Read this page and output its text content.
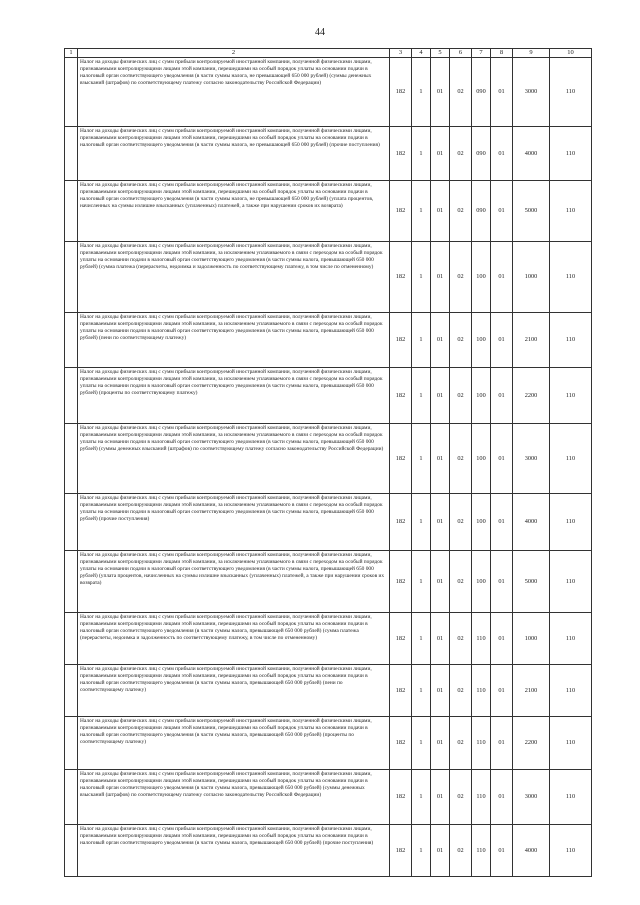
44
1	2	3	4	5	6	7	8	9	10
	Налог на доходы физических лиц с сумм прибыли контролируемой иностранной компании, полученной физическими лицами, признаваемыми контролирующими лицами этой компании, перешедшими на особый порядок уплаты на основании подачи в налоговый орган соответствующего уведомления (в части суммы налога, не превышающей 650 000 рублей) (суммы денежных взысканий (штрафов) по соответствующему платежу согласно законодательству Российской Федерации)	182	1	01	02	090	01	3000	110
	Налог на доходы физических лиц с сумм прибыли контролируемой иностранной компании, полученной физическими лицами, признаваемыми контролирующими лицами этой компании, перешедшими на особый порядок уплаты на основании подачи в налоговый орган соответствующего уведомления (в части суммы налога, не превышающей 650 000 рублей) (прочие поступления)	182	1	01	02	090	01	4000	110
	Налог на доходы физических лиц с сумм прибыли контролируемой иностранной компании, полученной физическими лицами, признаваемыми контролирующими лицами этой компании, перешедшими на особый порядок уплаты на основании подачи в налоговый орган соответствующего уведомления (в части суммы налога, не превышающей 650 000 рублей) (уплата процентов, начисленных на суммы излишне взысканных (уплаченных) платежей, а также при нарушении сроков их возврата)	182	1	01	02	090	01	5000	110
	Налог на доходы физических лиц с сумм прибыли контролируемой иностранной компании, полученной физическими лицами, признаваемыми контролирующими лицами этой компании, за исключением уплачиваемого в связи с переходом на особый порядок уплаты на основании подачи в налоговый орган соответствующего уведомления (в части суммы налога, превышающей 650 000 рублей) (сумма платежа (перерасчеты, недоимка и задолженность по соответствующему платежу, в том числе по отмененному)	182	1	01	02	100	01	1000	110
	Налог на доходы физических лиц с сумм прибыли контролируемой иностранной компании, полученной физическими лицами, признаваемыми контролирующими лицами этой компании, за исключением уплачиваемого в связи с переходом на особый порядок уплаты на основании подачи в налоговый орган соответствующего уведомления (в части суммы налога, превышающей 650 000 рублей) (пени по соответствующему платежу)	182	1	01	02	100	01	2100	110
	Налог на доходы физических лиц с сумм прибыли контролируемой иностранной компании, полученной физическими лицами, признаваемыми контролирующими лицами этой компании, за исключением уплачиваемого в связи с переходом на особый порядок уплаты на основании подачи в налоговый орган соответствующего уведомления (в части суммы налога, превышающей 650 000 рублей) (проценты по соответствующему платежу)	182	1	01	02	100	01	2200	110
	Налог на доходы физических лиц с сумм прибыли контролируемой иностранной компании, полученной физическими лицами, признаваемыми контролирующими лицами этой компании, за исключением уплачиваемого в связи с переходом на особый порядок уплаты на основании подачи в налоговый орган соответствующего уведомления (в части суммы налога, превышающей 650 000 рублей) (суммы денежных взысканий (штрафов) по соответствующему платежу согласно законодательству Российской Федерации)	182	1	01	02	100	01	3000	110
	Налог на доходы физических лиц с сумм прибыли контролируемой иностранной компании, полученной физическими лицами, признаваемыми контролирующими лицами этой компании, за исключением уплачиваемого в связи с переходом на особый порядок уплаты на основании подачи в налоговый орган соответствующего уведомления (в части суммы налога, превышающей 650 000 рублей) (прочие поступления)	182	1	01	02	100	01	4000	110
	Налог на доходы физических лиц с сумм прибыли контролируемой иностранной компании, полученной физическими лицами, признаваемыми контролирующими лицами этой компании, за исключением уплачиваемого в связи с переходом на особый порядок уплаты на основании подачи в налоговый орган соответствующего уведомления (в части суммы налога, превышающей 650 000 рублей) (уплата процентов, начисленных на суммы излишне взысканных (уплаченных) платежей, а также при нарушении сроков их возврата)	182	1	01	02	100	01	5000	110
	Налог на доходы физических лиц с сумм прибыли контролируемой иностранной компании, полученной физическими лицами, признаваемыми контролирующими лицами этой компании, перешедшими на особый порядок уплаты на основании подачи в налоговый орган соответствующего уведомления (в части суммы налога, превышающей 650 000 рублей) (сумма платежа (перерасчеты, недоимка и задолженность по соответствующему платежу, в том числе по отмененному)	182	1	01	02	110	01	1000	110
	Налог на доходы физических лиц с сумм прибыли контролируемой иностранной компании, полученной физическими лицами, признаваемыми контролирующими лицами этой компании, перешедшими на особый порядок уплаты на основании подачи в налоговый орган соответствующего уведомления (в части суммы налога, превышающей 650 000 рублей) (пени по соответствующему платежу)	182	1	01	02	110	01	2100	110
	Налог на доходы физических лиц с сумм прибыли контролируемой иностранной компании, полученной физическими лицами, признаваемыми контролирующими лицами этой компании, перешедшими на особый порядок уплаты на основании подачи в налоговый орган соответствующего уведомления (в части суммы налога, превышающей 650 000 рублей) (проценты по соответствующему платежу)	182	1	01	02	110	01	2200	110
	Налог на доходы физических лиц с сумм прибыли контролируемой иностранной компании, полученной физическими лицами, признаваемыми контролирующими лицами этой компании, перешедшими на особый порядок уплаты на основании подачи в налоговый орган соответствующего уведомления (в части суммы налога, превышающей 650 000 рублей) (суммы денежных взысканий (штрафов) по соответствующему платежу согласно законодательству Российской Федерации)	182	1	01	02	110	01	3000	110
	Налог на доходы физических лиц с сумм прибыли контролируемой иностранной компании, полученной физическими лицами, признаваемыми контролирующими лицами этой компании, перешедшими на особый порядок уплаты на основании подачи в налоговый орган соответствующего уведомления (в части суммы налога, превышающей 650 000 рублей) (прочие поступления)	182	1	01	02	110	01	4000	110
